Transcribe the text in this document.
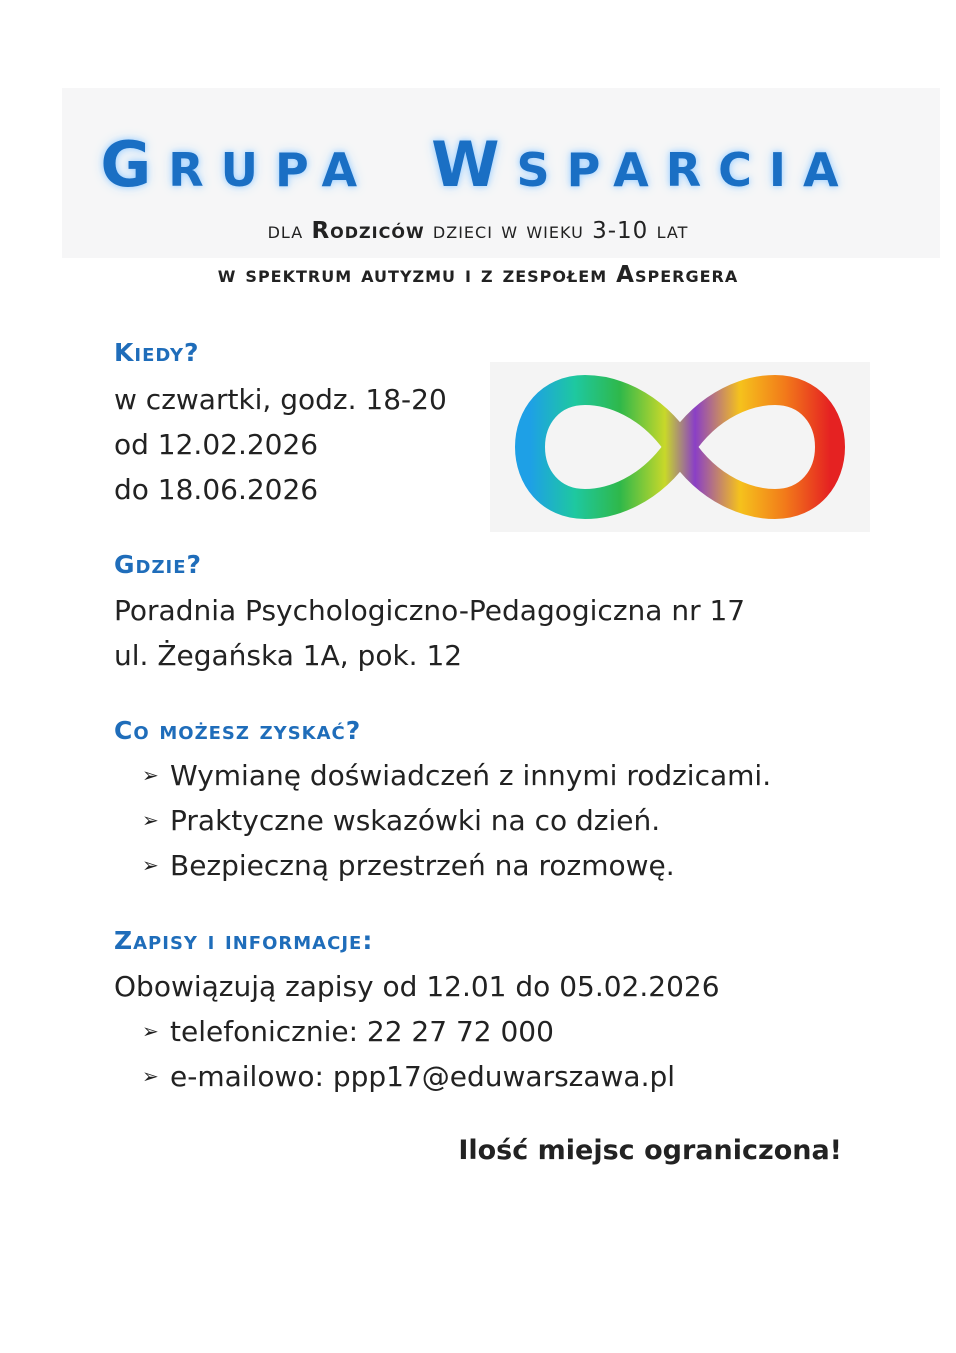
GRUPA WSPARCIA
dla Rodziców dzieci w wieku 3-10 lat
w spektrum autyzmu i z zespołem Aspergera
Kiedy?
w czwartki, godz. 18-20
od 12.02.2026
do 18.06.2026
Gdzie?
Poradnia Psychologiczno-Pedagogiczna nr 17
ul. Żegańska 1A, pok. 12
Co możesz zyskać?
➢ Wymianę doświadczeń z innymi rodzicami.
➢ Praktyczne wskazówki na co dzień.
➢ Bezpieczną przestrzeń na rozmowę.
Zapisy i informacje:
Obowiązują zapisy od 12.01 do 05.02.2026
➢ telefonicznie: 22 27 72 000
➢ e-mailowo: ppp17@eduwarszawa.pl
Ilość miejsc ograniczona!
